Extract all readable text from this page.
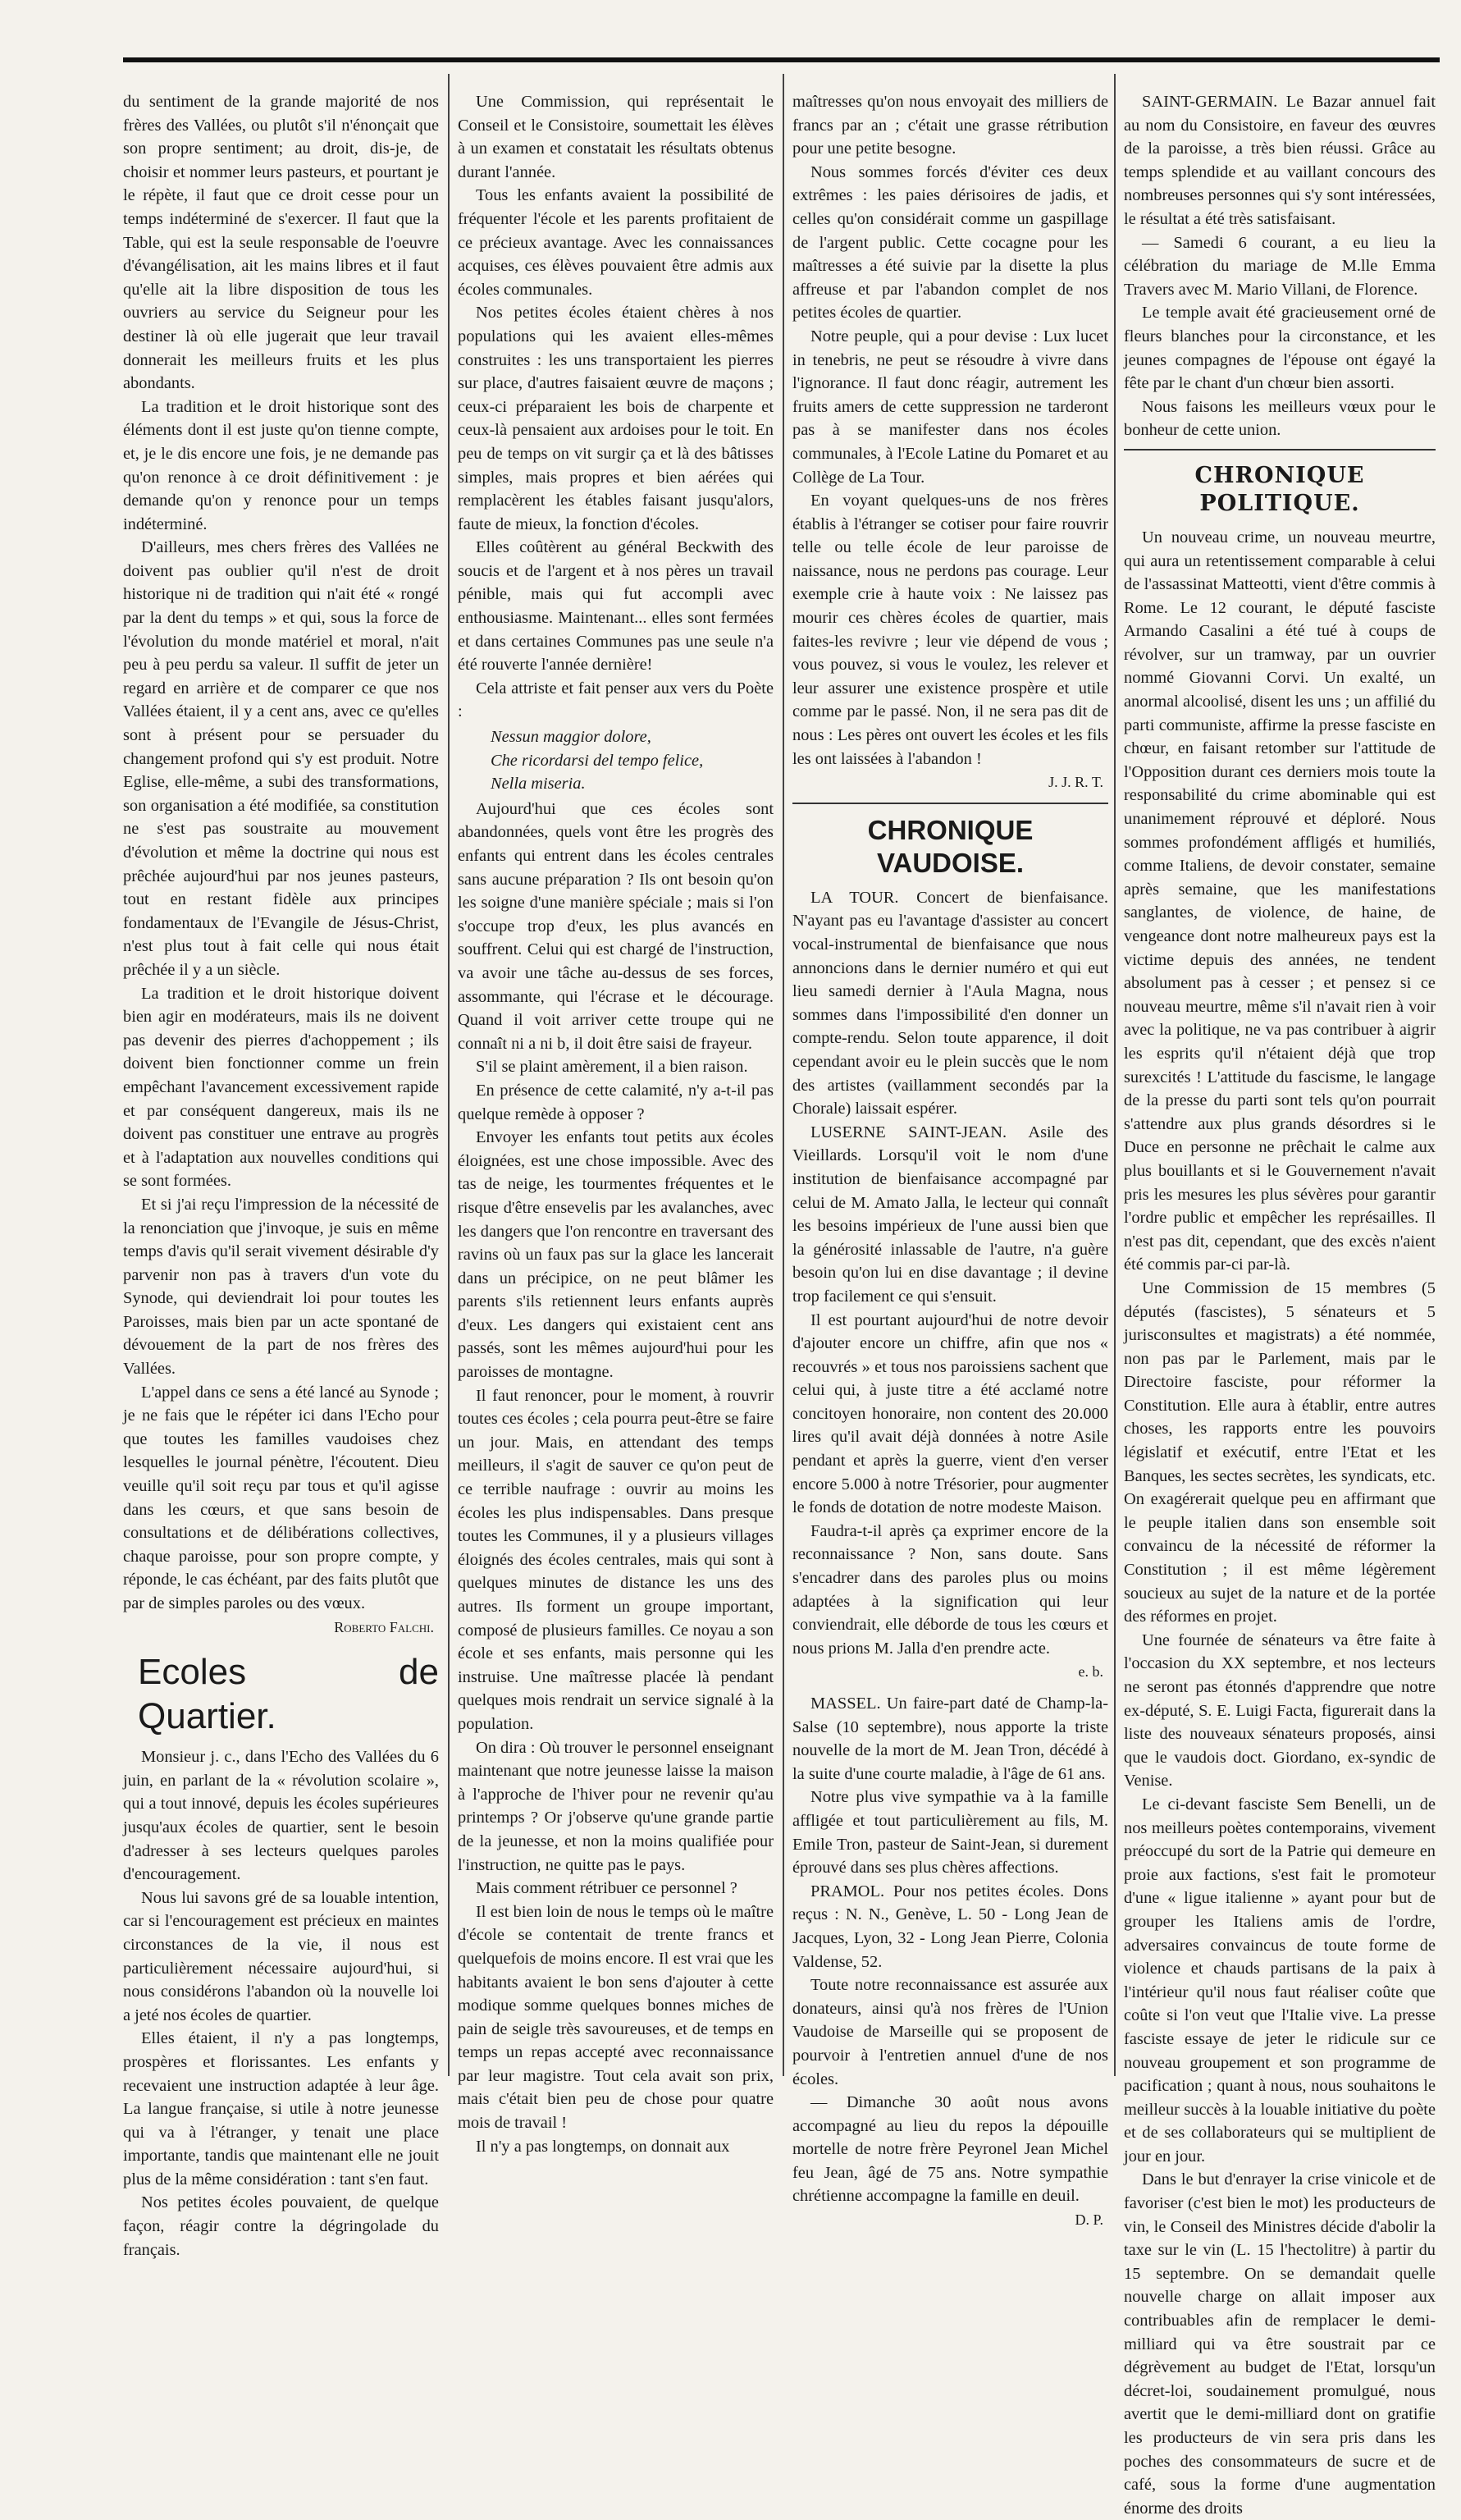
du sentiment de la grande majorité de nos frères des Vallées, ou plutôt s'il n'énonçait que son propre sentiment; au droit, dis-je, de choisir et nommer leurs pasteurs, et pourtant je le répète, il faut que ce droit cesse pour un temps indéterminé de s'exercer. Il faut que la Table, qui est la seule responsable de l'oeuvre d'évangélisation, ait les mains libres et il faut qu'elle ait la libre disposition de tous les ouvriers au service du Seigneur pour les destiner là où elle jugerait que leur travail donnerait les meilleurs fruits et les plus abondants.

La tradition et le droit historique sont des éléments dont il est juste qu'on tienne compte, et, je le dis encore une fois, je ne demande pas qu'on renonce à ce droit définitivement : je demande qu'on y renonce pour un temps indéterminé.

D'ailleurs, mes chers frères des Vallées ne doivent pas oublier qu'il n'est de droit historique ni de tradition qui n'ait été « rongé par la dent du temps » et qui, sous la force de l'évolution du monde matériel et moral, n'ait peu à peu perdu sa valeur. Il suffit de jeter un regard en arrière et de comparer ce que nos Vallées étaient, il y a cent ans, avec ce qu'elles sont à présent pour se persuader du changement profond qui s'y est produit. Notre Eglise, elle-même, a subi des transformations, son organisation a été modifiée, sa constitution ne s'est pas soustraite au mouvement d'évolution et même la doctrine qui nous est prêchée aujourd'hui par nos jeunes pasteurs, tout en restant fidèle aux principes fondamentaux de l'Evangile de Jésus-Christ, n'est plus tout à fait celle qui nous était prêchée il y a un siècle.

La tradition et le droit historique doivent bien agir en modérateurs, mais ils ne doivent pas devenir des pierres d'achoppement ; ils doivent bien fonctionner comme un frein empêchant l'avancement excessivement rapide et par conséquent dangereux, mais ils ne doivent pas constituer une entrave au progrès et à l'adaptation aux nouvelles conditions qui se sont formées.

Et si j'ai reçu l'impression de la nécessité de la renonciation que j'invoque, je suis en même temps d'avis qu'il serait vivement désirable d'y parvenir non pas à travers d'un vote du Synode, qui deviendrait loi pour toutes les Paroisses, mais bien par un acte spontané de dévouement de la part de nos frères des Vallées.

L'appel dans ce sens a été lancé au Synode ; je ne fais que le répéter ici dans l'Echo pour que toutes les familles vaudoises chez lesquelles le journal pénètre, l'écoutent. Dieu veuille qu'il soit reçu par tous et qu'il agisse dans les cœurs, et que sans besoin de consultations et de délibérations collectives, chaque paroisse, pour son propre compte, y réponde, le cas échéant, par des faits plutôt que par de simples paroles ou des vœux.

Roberto Falchi.
Ecoles de Quartier.

Monsieur j. c., dans l'Echo des Vallées du 6 juin, en parlant de la « révolution scolaire », qui a tout innové, depuis les écoles supérieures jusqu'aux écoles de quartier, sent le besoin d'adresser à ses lecteurs quelques paroles d'encouragement.

Nous lui savons gré de sa louable intention, car si l'encouragement est précieux en maintes circonstances de la vie, il nous est particulièrement nécessaire aujourd'hui, si nous considérons l'abandon où la nouvelle loi a jeté nos écoles de quartier.

Elles étaient, il n'y a pas longtemps, prospères et florissantes. Les enfants y recevaient une instruction adaptée à leur âge. La langue française, si utile à notre jeunesse qui va à l'étranger, y tenait une place importante, tandis que maintenant elle ne jouit plus de la même considération : tant s'en faut.

Nos petites écoles pouvaient, de quelque façon, réagir contre la dégringolade du français.

Une Commission, qui représentait le Conseil et le Consistoire, soumettait les élèves à un examen et constatait les résultats obtenus durant l'année.

Tous les enfants avaient la possibilité de fréquenter l'école et les parents profitaient de ce précieux avantage. Avec les connaissances acquises, ces élèves pouvaient être admis aux écoles communales.

Nos petites écoles étaient chères à nos populations qui les avaient elles-mêmes construites : les uns transportaient les pierres sur place, d'autres faisaient œuvre de maçons ; ceux-ci préparaient les bois de charpente et ceux-là pensaient aux ardoises pour le toit. En peu de temps on vit surgir ça et là des bâtisses simples, mais propres et bien aérées qui remplacèrent les étables faisant jusqu'alors, faute de mieux, la fonction d'écoles.

Elles coûtèrent au général Beckwith des soucis et de l'argent et à nos pères un travail pénible, mais qui fut accompli avec enthousiasme. Maintenant... elles sont fermées et dans certaines Communes pas une seule n'a été rouverte l'année dernière!

Cela attriste et fait penser aux vers du Poète :

Nessun maggior dolore,
Che ricordarsi del tempo felice,
Nella miseria.

Aujourd'hui que ces écoles sont abandonnées, quels vont être les progrès des enfants qui entrent dans les écoles centrales sans aucune préparation ? Ils ont besoin qu'on les soigne d'une manière spéciale ; mais si l'on s'occupe trop d'eux, les plus avancés en souffrent. Celui qui est chargé de l'instruction, va avoir une tâche au-dessus de ses forces, assommante, qui l'écrase et le décourage. Quand il voit arriver cette troupe qui ne connaît ni a ni b, il doit être saisi de frayeur.

S'il se plaint amèrement, il a bien raison.

En présence de cette calamité, n'y a-t-il pas quelque remède à opposer ?

Envoyer les enfants tout petits aux écoles éloignées, est une chose impossible. Avec des tas de neige, les tourmentes fréquentes et le risque d'être ensevelis par les avalanches, avec les dangers que l'on rencontre en traversant des ravins où un faux pas sur la glace les lancerait dans un précipice, on ne peut blâmer les parents s'ils retiennent leurs enfants auprès d'eux. Les dangers qui existaient cent ans passés, sont les mêmes aujourd'hui pour les paroisses de montagne.

Il faut renoncer, pour le moment, à rouvrir toutes ces écoles ; cela pourra peut-être se faire un jour. Mais, en attendant des temps meilleurs, il s'agit de sauver ce qu'on peut de ce terrible naufrage : ouvrir au moins les écoles les plus indispensables. Dans presque toutes les Communes, il y a plusieurs villages éloignés des écoles centrales, mais qui sont à quelques minutes de distance les uns des autres. Ils forment un groupe important, composé de plusieurs familles. Ce noyau a son école et ses enfants, mais personne qui les instruise. Une maîtresse placée là pendant quelques mois rendrait un service signalé à la population.

On dira : Où trouver le personnel enseignant maintenant que notre jeunesse laisse la maison à l'approche de l'hiver pour ne revenir qu'au printemps ? Or j'observe qu'une grande partie de la jeunesse, et non la moins qualifiée pour l'instruction, ne quitte pas le pays.

Mais comment rétribuer ce personnel ?

Il est bien loin de nous le temps où le maître d'école se contentait de trente francs et quelquefois de moins encore. Il est vrai que les habitants avaient le bon sens d'ajouter à cette modique somme quelques bonnes miches de pain de seigle très savoureuses, et de temps en temps un repas accepté avec reconnaissance par leur magistre. Tout cela avait son prix, mais c'était bien peu de chose pour quatre mois de travail !

Il n'y a pas longtemps, on donnait aux

maîtresses qu'on nous envoyait des milliers de francs par an ; c'était une grasse rétribution pour une petite besogne.

Nous sommes forcés d'éviter ces deux extrêmes : les paies dérisoires de jadis, et celles qu'on considérait comme un gaspillage de l'argent public. Cette cocagne pour les maîtresses a été suivie par la disette la plus affreuse et par l'abandon complet de nos petites écoles de quartier.

Notre peuple, qui a pour devise : Lux lucet in tenebris, ne peut se résoudre à vivre dans l'ignorance. Il faut donc réagir, autrement les fruits amers de cette suppression ne tarderont pas à se manifester dans nos écoles communales, à l'Ecole Latine du Pomaret et au Collège de La Tour.

En voyant quelques-uns de nos frères établis à l'étranger se cotiser pour faire rouvrir telle ou telle école de leur paroisse de naissance, nous ne perdons pas courage. Leur exemple crie à haute voix : Ne laissez pas mourir ces chères écoles de quartier, mais faites-les revivre ; leur vie dépend de vous ; vous pouvez, si vous le voulez, les relever et leur assurer une existence prospère et utile comme par le passé. Non, il ne sera pas dit de nous : Les pères ont ouvert les écoles et les fils les ont laissées à l'abandon !

J. J. R. T.
CHRONIQUE VAUDOISE.

LA TOUR. Concert de bienfaisance. N'ayant pas eu l'avantage d'assister au concert vocal-instrumental de bienfaisance que nous annoncions dans le dernier numéro et qui eut lieu samedi dernier à l'Aula Magna, nous sommes dans l'impossibilité d'en donner un compte-rendu. Selon toute apparence, il doit cependant avoir eu le plein succès que le nom des artistes (vaillamment secondés par la Chorale) laissait espérer.

LUSERNE SAINT-JEAN. Asile des Vieillards. Lorsqu'il voit le nom d'une institution de bienfaisance accompagné par celui de M. Amato Jalla, le lecteur qui connaît les besoins impérieux de l'une aussi bien que la générosité inlassable de l'autre, n'a guère besoin qu'on lui en dise davantage ; il devine trop facilement ce qui s'ensuit.

Il est pourtant aujourd'hui de notre devoir d'ajouter encore un chiffre, afin que nos « recouvrés » et tous nos paroissiens sachent que celui qui, à juste titre a été acclamé notre concitoyen honoraire, non content des 20.000 lires qu'il avait déjà données à notre Asile pendant et après la guerre, vient d'en verser encore 5.000 à notre Trésorier, pour augmenter le fonds de dotation de notre modeste Maison.

Faudra-t-il après ça exprimer encore de la reconnaissance ? Non, sans doute. Sans s'encadrer dans des paroles plus ou moins adaptées à la signification qui leur conviendrait, elle déborde de tous les cœurs et nous prions M. Jalla d'en prendre acte.

e. b.

MASSEL. Un faire-part daté de Champ-la-Salse (10 septembre), nous apporte la triste nouvelle de la mort de M. Jean Tron, décédé à la suite d'une courte maladie, à l'âge de 61 ans.

Notre plus vive sympathie va à la famille affligée et tout particulièrement au fils, M. Emile Tron, pasteur de Saint-Jean, si durement éprouvé dans ses plus chères affections.

PRAMOL. Pour nos petites écoles. Dons reçus : N. N., Genève, L. 50 - Long Jean de Jacques, Lyon, 32 - Long Jean Pierre, Colonia Valdense, 52.

Toute notre reconnaissance est assurée aux donateurs, ainsi qu'à nos frères de l'Union Vaudoise de Marseille qui se proposent de pourvoir à l'entretien annuel d'une de nos écoles.

— Dimanche 30 août nous avons accompagné au lieu du repos la dépouille mortelle de notre frère Peyronel Jean Michel feu Jean, âgé de 75 ans. Notre sympathie chrétienne accompagne la famille en deuil.

D. P.

SAINT-GERMAIN. Le Bazar annuel fait au nom du Consistoire, en faveur des œuvres de la paroisse, a très bien réussi. Grâce au temps splendide et au vaillant concours des nombreuses personnes qui s'y sont intéressées, le résultat a été très satisfaisant.

— Samedi 6 courant, a eu lieu la célébration du mariage de M.lle Emma Travers avec M. Mario Villani, de Florence.

Le temple avait été gracieusement orné de fleurs blanches pour la circonstance, et les jeunes compagnes de l'épouse ont égayé la fête par le chant d'un chœur bien assorti.

Nous faisons les meilleurs vœux pour le bonheur de cette union.

CHRONIQUE POLITIQUE.

Un nouveau crime, un nouveau meurtre, qui aura un retentissement comparable à celui de l'assassinat Matteotti, vient d'être commis à Rome. Le 12 courant, le député fasciste Armando Casalini a été tué à coups de révolver, sur un tramway, par un ouvrier nommé Giovanni Corvi. Un exalté, un anormal alcoolisé, disent les uns ; un affilié du parti communiste, affirme la presse fasciste en chœur, en faisant retomber sur l'attitude de l'Opposition durant ces derniers mois toute la responsabilité du crime abominable qui est unanimement réprouvé et déploré. Nous sommes profondément affligés et humiliés, comme Italiens, de devoir constater, semaine après semaine, que les manifestations sanglantes, de violence, de haine, de vengeance dont notre malheureux pays est la victime depuis des années, ne tendent absolument pas à cesser ; et pensez si ce nouveau meurtre, même s'il n'avait rien à voir avec la politique, ne va pas contribuer à aigrir les esprits qu'il n'étaient déjà que trop surexcités ! L'attitude du fascisme, le langage de la presse du parti sont tels qu'on pourrait s'attendre aux plus grands désordres si le Duce en personne ne prêchait le calme aux plus bouillants et si le Gouvernement n'avait pris les mesures les plus sévères pour garantir l'ordre public et empêcher les représailles. Il n'est pas dit, cependant, que des excès n'aient été commis par-ci par-là.

Une Commission de 15 membres (5 députés (fascistes), 5 sénateurs et 5 jurisconsultes et magistrats) a été nommée, non pas par le Parlement, mais par le Directoire fasciste, pour réformer la Constitution. Elle aura à établir, entre autres choses, les rapports entre les pouvoirs législatif et exécutif, entre l'Etat et les Banques, les sectes secrètes, les syndicats, etc. On exagérerait quelque peu en affirmant que le peuple italien dans son ensemble soit convaincu de la nécessité de réformer la Constitution ; il est même légèrement soucieux au sujet de la nature et de la portée des réformes en projet.

Une fournée de sénateurs va être faite à l'occasion du XX septembre, et nos lecteurs ne seront pas étonnés d'apprendre que notre ex-député, S. E. Luigi Facta, figurerait dans la liste des nouveaux sénateurs proposés, ainsi que le vaudois doct. Giordano, ex-syndic de Venise.

Le ci-devant fasciste Sem Benelli, un de nos meilleurs poètes contemporains, vivement préoccupé du sort de la Patrie qui demeure en proie aux factions, s'est fait le promoteur d'une « ligue italienne » ayant pour but de grouper les Italiens amis de l'ordre, adversaires convaincus de toute forme de violence et chauds partisans de la paix à l'intérieur qu'il nous faut réaliser coûte que coûte si l'on veut que l'Italie vive. La presse fasciste essaye de jeter le ridicule sur ce nouveau groupement et son programme de pacification ; quant à nous, nous souhaitons le meilleur succès à la louable initiative du poète et de ses collaborateurs qui se multiplient de jour en jour.

Dans le but d'enrayer la crise vinicole et de favoriser (c'est bien le mot) les producteurs de vin, le Conseil des Ministres décide d'abolir la taxe sur le vin (L. 15 l'hectolitre) à partir du 15 septembre. On se demandait quelle nouvelle charge on allait imposer aux contribuables afin de remplacer le demi-milliard qui va être soustrait par ce dégrèvement au budget de l'Etat, lorsqu'un décret-loi, soudainement promulgué, nous avertit que le demi-milliard dont on gratifie les producteurs de vin sera pris dans les poches des consommateurs de sucre et de café, sous la forme d'une augmentation énorme des droits
